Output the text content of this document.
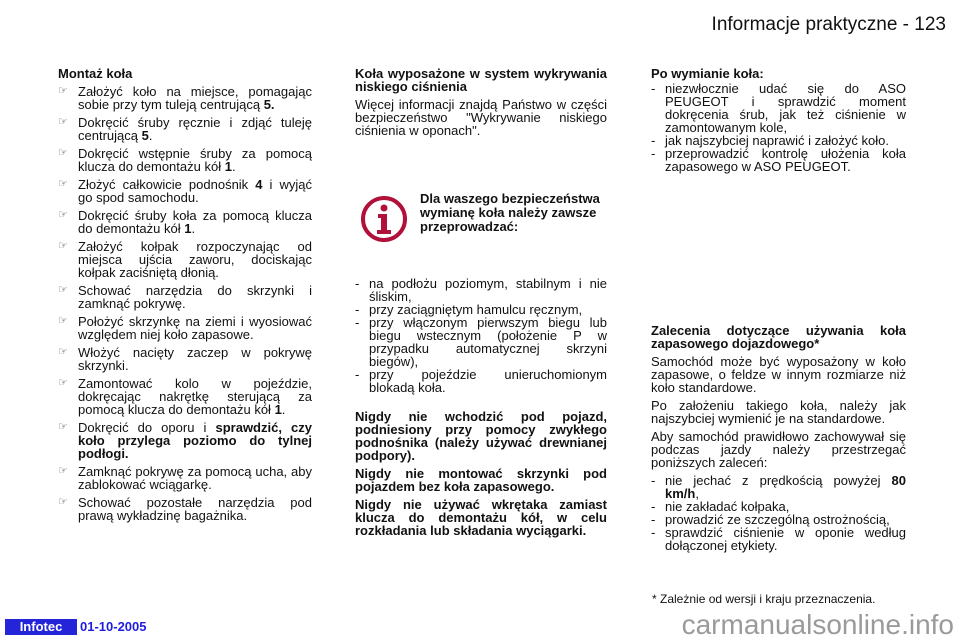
Informacje praktyczne - 123
Montaż koła
☞ Założyć koło na miejsce, pomagając sobie przy tym tuleją centrującą 5.
☞ Dokręcić śruby ręcznie i zdjąć tuleję centrującą 5.
☞ Dokręcić wstępnie śruby za pomocą klucza do demontażu kół 1.
☞ Złożyć całkowicie podnośnik 4 i wyjąć go spod samochodu.
☞ Dokręcić śruby koła za pomocą klucza do demontażu kół 1.
☞ Założyć kołpak rozpoczynając od miejsca ujścia zaworu, dociskając kołpak zaciśniętą dłonią.
☞ Schować narzędzia do skrzynki i zamknąć pokrywę.
☞ Położyć skrzynkę na ziemi i wyosiować względem niej koło zapasowe.
☞ Włożyć nacięty zaczep w pokrywę skrzynki.
☞ Zamontować kolo w pojeździe, dokręcając nakrętkę sterującą za pomocą klucza do demontażu kół 1.
☞ Dokręcić do oporu i sprawdzić, czy koło przylega poziomo do tylnej podłogi.
☞ Zamknąć pokrywę za pomocą ucha, aby zablokować wciągarkę.
☞ Schować pozostałe narzędzia pod prawą wykładzinę bagażnika.
Koła wyposażone w system wykrywania niskiego ciśnienia

Więcej informacji znajdą Państwo w części bezpieczeństwo "Wykrywanie niskiego ciśnienia w oponach".

Dla waszego bezpieczeństwa wymianę koła należy zawsze przeprowadzać:
- na podłożu poziomym, stabilnym i nie śliskim,
- przy zaciągniętym hamulcu ręcznym,
- przy włączonym pierwszym biegu lub biegu wstecznym (położenie P w przypadku automatycznej skrzyni biegów),
- przy pojeździe unieruchomionym blokadą koła.

Nigdy nie wchodzić pod pojazd, podniesiony przy pomocy zwykłego podnośnika (należy używać drewnianej podpory).

Nigdy nie montować skrzynki pod pojazdem bez koła zapasowego.

Nigdy nie używać wkrętaka zamiast klucza do demontażu kół, w celu rozkładania lub składania wyciągarki.

Po wymianie koła:
- niezwłocznie udać się do ASO PEUGEOT i sprawdzić moment dokręcenia śrub, jak też ciśnienie w zamontowanym kole,
- jak najszybciej naprawić i założyć koło.
- przeprowadzić kontrolę ułożenia koła zapasowego w ASO PEUGEOT.
Zalecenia dotyczące używania koła zapasowego dojazdowego*

Samochód może być wyposażony w koło zapasowe, o feldze w innym rozmiarze niż koło standardowe.

Po założeniu takiego koła, należy jak najszybciej wymienić je na standardowe.

Aby samochód prawidłowo zachowywał się podczas jazdy należy przestrzegać poniższych zaleceń:

- nie jechać z prędkością powyżej 80 km/h,
- nie zakładać kołpaka,
- prowadzić ze szczególną ostrożnością,
- sprawdzić ciśnienie w oponie według dołączonej etykiety.
* Zależnie od wersji i kraju przeznaczenia.
Infotec	01-10-2005	carmanualsonline.info
